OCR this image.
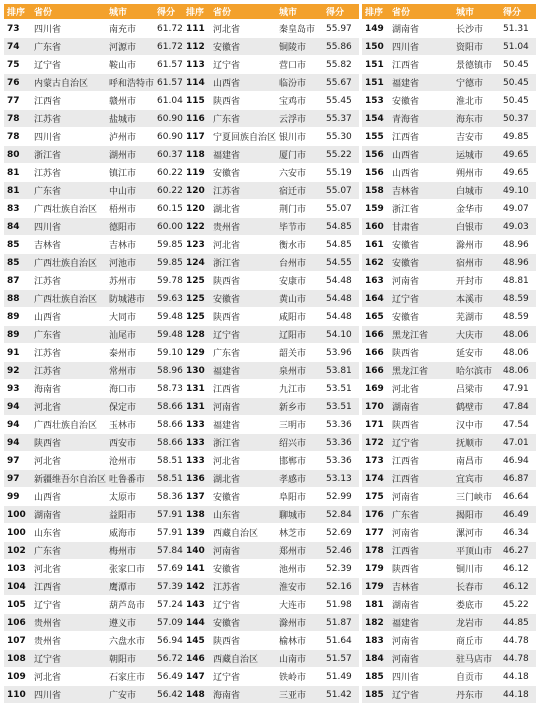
排序	省份	城市	得分
73	四川省	南充市	61.72
74	广东省	河源市	61.72
75	辽宁省	鞍山市	61.57
76	内蒙古自治区	呼和浩特市	61.57
77	江西省	赣州市	61.04
78	江苏省	盐城市	60.90
78	四川省	泸州市	60.90
80	浙江省	湖州市	60.37
81	江苏省	镇江市	60.22
81	广东省	中山市	60.22
83	广西壮族自治区	梧州市	60.15
84	四川省	德阳市	60.00
85	吉林省	吉林市	59.85
85	广西壮族自治区	河池市	59.85
87	江苏省	苏州市	59.78
88	广西壮族自治区	防城港市	59.63
89	山西省	大同市	59.48
89	广东省	汕尾市	59.48
91	江苏省	泰州市	59.10
92	江苏省	常州市	58.96
93	海南省	海口市	58.73
94	河北省	保定市	58.66
94	广西壮族自治区	玉林市	58.66
94	陕西省	西安市	58.66
97	河北省	沧州市	58.51
97	新疆维吾尔自治区	吐鲁番市	58.51
99	山西省	太原市	58.36
100	湖南省	益阳市	57.91
100	山东省	威海市	57.91
102	广东省	梅州市	57.84
103	河北省	张家口市	57.69
104	江西省	鹰潭市	57.39
105	辽宁省	葫芦岛市	57.24
106	贵州省	遵义市	57.09
107	贵州省	六盘水市	56.94
108	辽宁省	朝阳市	56.72
109	河北省	石家庄市	56.49
110	四川省	广安市	56.42
排序	省份	城市	得分
111	河北省	秦皇岛市	55.97
112	安徽省	铜陵市	55.86
113	辽宁省	营口市	55.82
114	山西省	临汾市	55.67
115	陕西省	宝鸡市	55.45
116	广东省	云浮市	55.37
117	宁夏回族自治区	银川市	55.30
118	福建省	厦门市	55.22
119	安徽省	六安市	55.19
120	江苏省	宿迁市	55.07
120	湖北省	荆门市	55.07
122	贵州省	毕节市	54.85
123	河北省	衡水市	54.85
124	浙江省	台州市	54.55
125	陕西省	安康市	54.48
125	安徽省	黄山市	54.48
125	陕西省	咸阳市	54.48
128	辽宁省	辽阳市	54.10
129	广东省	韶关市	53.96
130	福建省	泉州市	53.81
131	江西省	九江市	53.51
131	河南省	新乡市	53.51
133	福建省	三明市	53.36
133	浙江省	绍兴市	53.36
133	河北省	邯郸市	53.36
136	湖北省	孝感市	53.13
137	安徽省	阜阳市	52.99
138	山东省	聊城市	52.84
139	西藏自治区	林芝市	52.69
140	河南省	郑州市	52.46
141	安徽省	池州市	52.39
142	江苏省	淮安市	52.16
143	辽宁省	大连市	51.98
144	安徽省	滁州市	51.87
145	陕西省	榆林市	51.64
146	西藏自治区	山南市	51.57
147	辽宁省	铁岭市	51.49
148	海南省	三亚市	51.42
排序	省份	城市	得分
149	湖南省	长沙市	51.31
150	四川省	资阳市	51.04
151	江西省	景德镇市	50.45
151	福建省	宁德市	50.45
153	安徽省	淮北市	50.45
154	青海省	海东市	50.37
155	江西省	吉安市	49.85
156	山西省	运城市	49.65
156	山西省	朔州市	49.65
158	吉林省	白城市	49.10
159	浙江省	金华市	49.07
160	甘肃省	白银市	49.03
161	安徽省	滁州市	48.96
162	安徽省	宿州市	48.96
163	河南省	开封市	48.81
164	辽宁省	本溪市	48.59
165	安徽省	芜湖市	48.59
166	黑龙江省	大庆市	48.06
166	陕西省	延安市	48.06
166	黑龙江省	哈尔滨市	48.06
169	河北省	吕梁市	47.91
170	湖南省	鹤壁市	47.84
171	陕西省	汉中市	47.54
172	辽宁省	抚顺市	47.01
173	江西省	南昌市	46.94
174	江西省	宜宾市	46.87
175	河南省	三门峡市	46.64
176	广东省	揭阳市	46.49
177	河南省	漯河市	46.34
178	江西省	平顶山市	46.27
179	陕西省	铜川市	46.12
179	吉林省	长春市	46.12
181	湖南省	娄底市	45.22
182	福建省	龙岩市	44.85
183	河南省	商丘市	44.78
184	河南省	驻马店市	44.78
185	四川省	自贡市	44.18
185	辽宁省	丹东市	44.18
